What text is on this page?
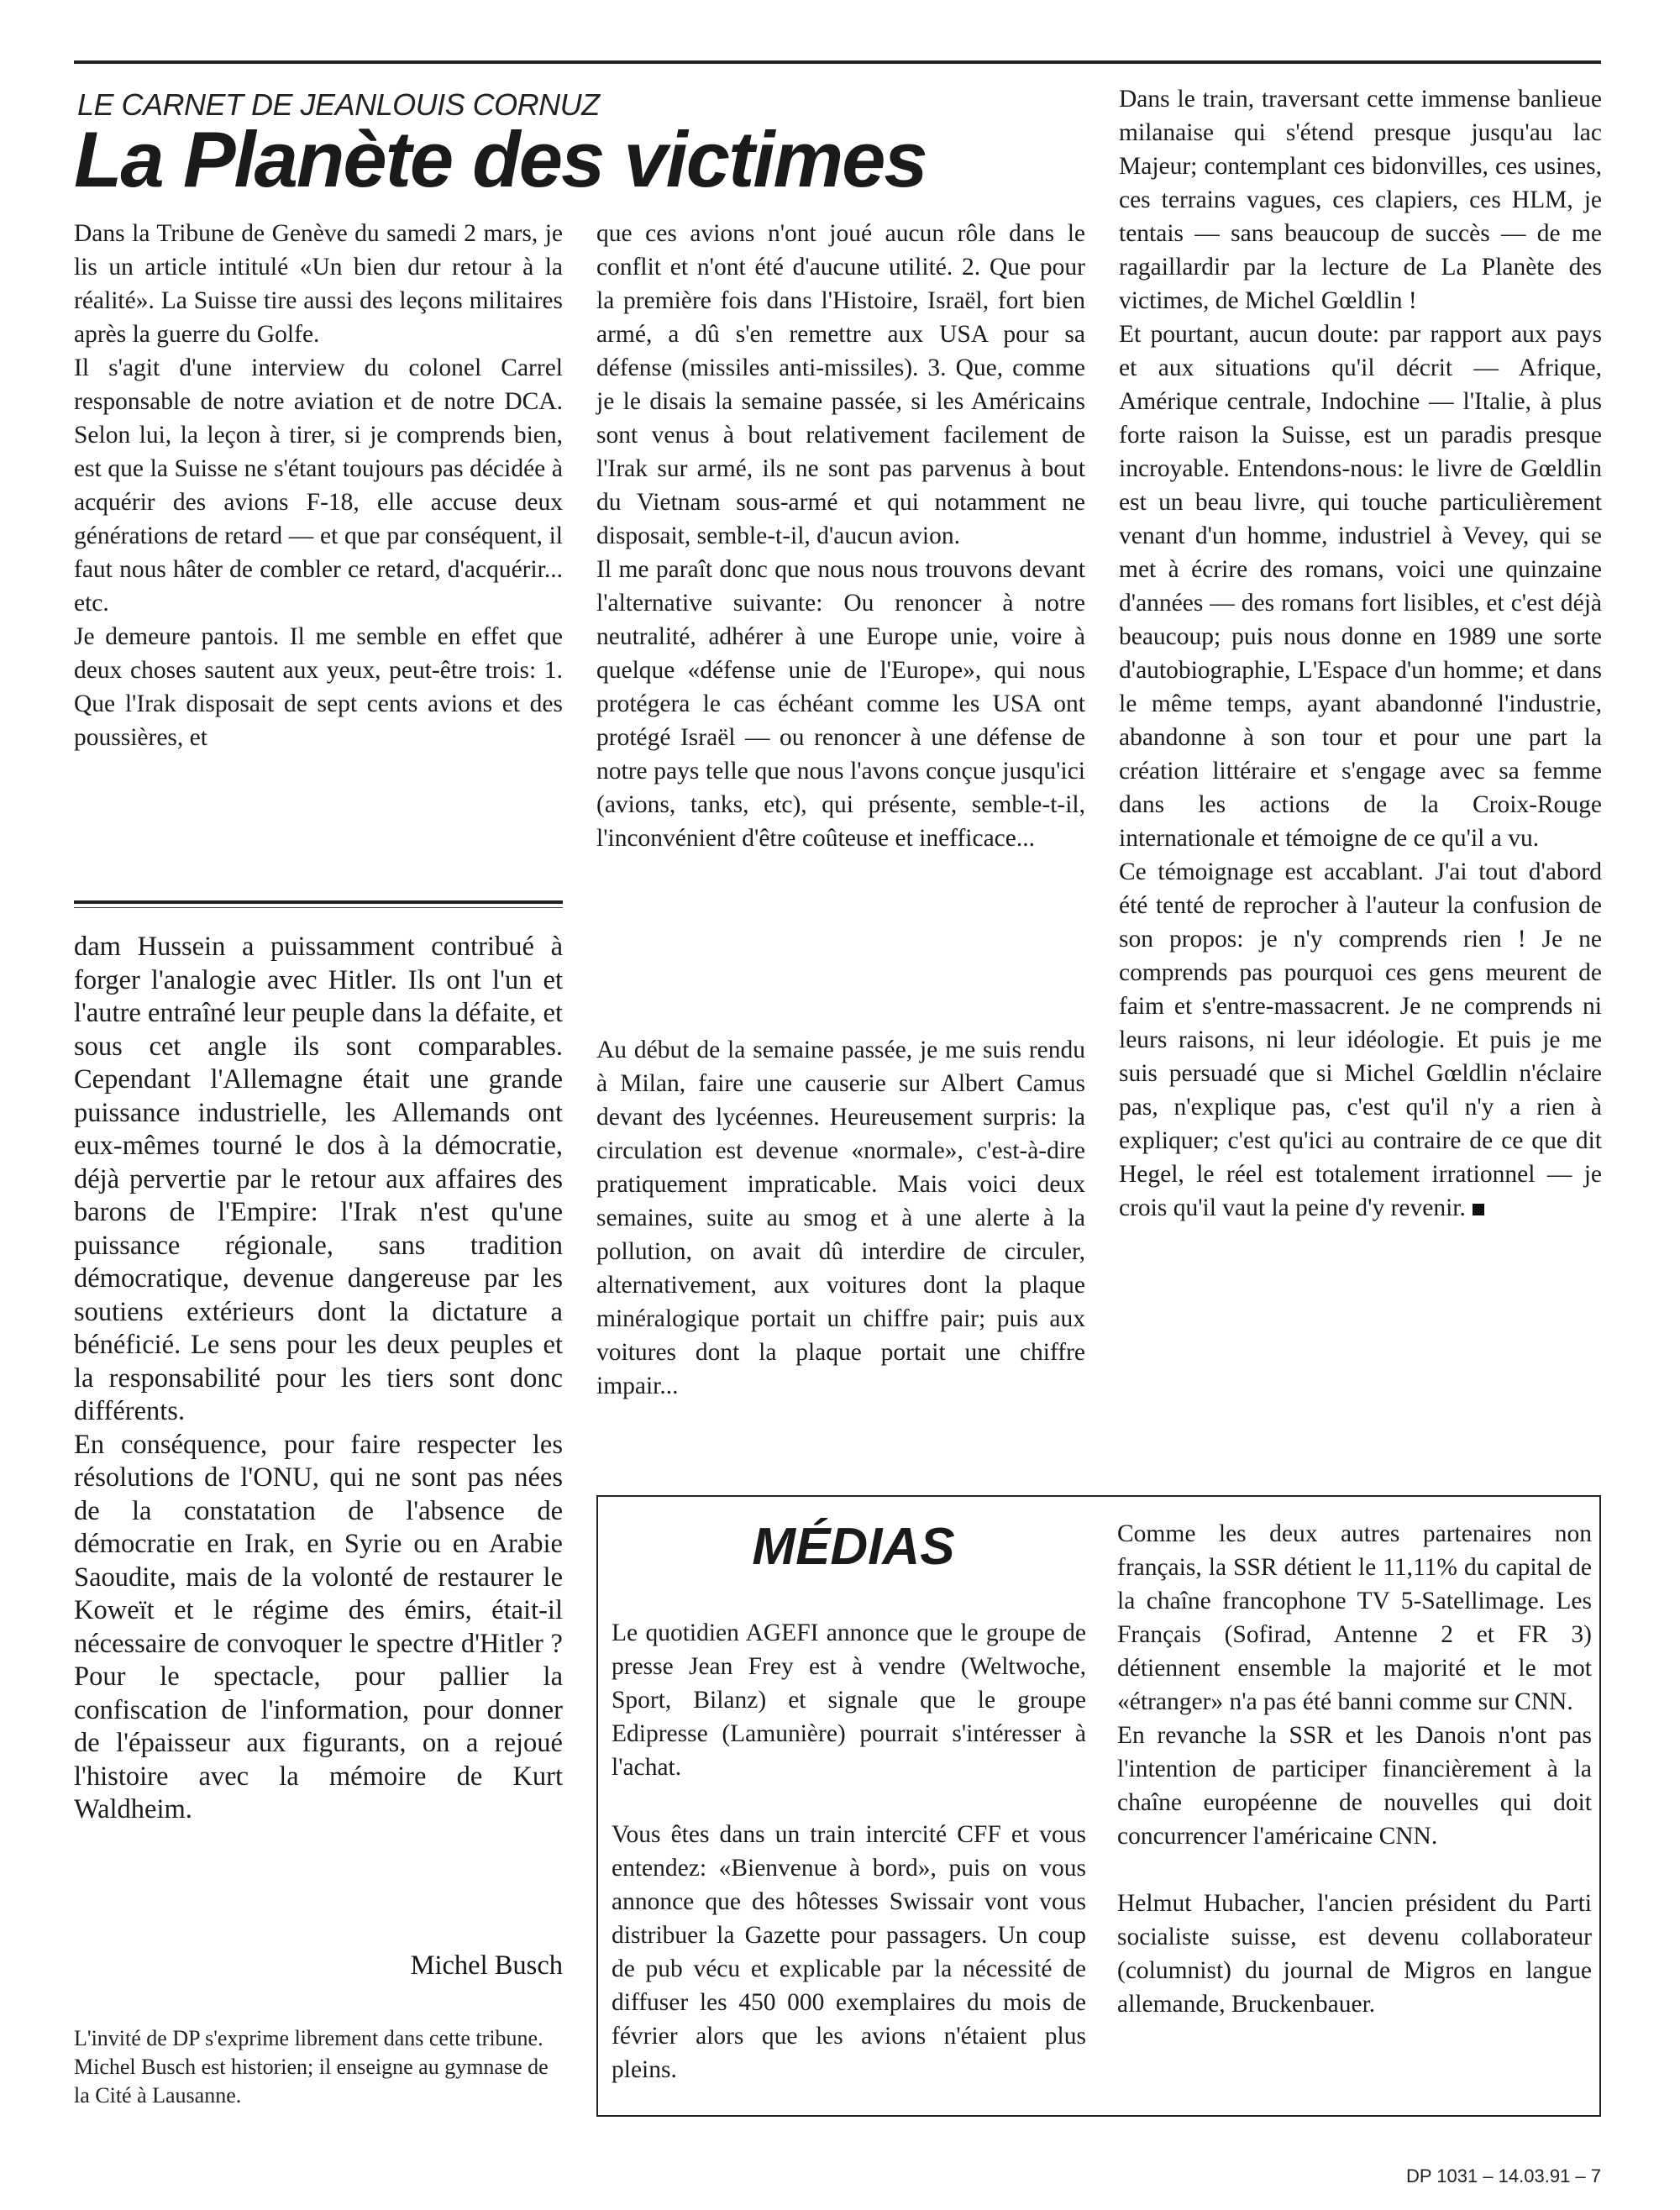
LE CARNET DE JEANLOUIS CORNUZ
La Planète des victimes

Dans la Tribune de Genève du samedi 2 mars, je lis un article intitulé «Un bien dur retour à la réalité». La Suisse tire aussi des leçons militaires après la guerre du Golfe.

Il s'agit d'une interview du colonel Carrel responsable de notre aviation et de notre DCA. Selon lui, la leçon à tirer, si je comprends bien, est que la Suisse ne s'étant toujours pas décidée à acquérir des avions F-18, elle accuse deux générations de retard — et que par conséquent, il faut nous hâter de combler ce retard, d'acquérir... etc.

Je demeure pantois. Il me semble en effet que deux choses sautent aux yeux, peut-être trois: 1. Que l'Irak disposait de sept cents avions et des poussières, et

que ces avions n'ont joué aucun rôle dans le conflit et n'ont été d'aucune utilité. 2. Que pour la première fois dans l'Histoire, Israël, fort bien armé, a dû s'en remettre aux USA pour sa défense (missiles anti-missiles). 3. Que, comme je le disais la semaine passée, si les Américains sont venus à bout relativement facilement de l'Irak sur armé, ils ne sont pas parvenus à bout du Vietnam sous-armé et qui notamment ne disposait, semble-t-il, d'aucun avion.

Il me paraît donc que nous nous trouvons devant l'alternative suivante: Ou renoncer à notre neutralité, adhérer à une Europe unie, voire à quelque «défense unie de l'Europe», qui nous protégera le cas échéant comme les USA ont protégé Israël — ou renoncer à une défense de notre pays telle que nous l'avons conçue jusqu'ici (avions, tanks, etc), qui présente, semble-t-il, l'inconvénient d'être coûteuse et inefficace...

Au début de la semaine passée, je me suis rendu à Milan, faire une causerie sur Albert Camus devant des lycéennes. Heureusement surpris: la circulation est devenue «normale», c'est-à-dire pratiquement impraticable. Mais voici deux semaines, suite au smog et à une alerte à la pollution, on avait dû interdire de circuler, alternativement, aux voitures dont la plaque minéralogique portait un chiffre pair; puis aux voitures dont la plaque portait une chiffre impair...

Dans le train, traversant cette immense banlieue milanaise qui s'étend presque jusqu'au lac Majeur; contemplant ces bidonvilles, ces usines, ces terrains vagues, ces clapiers, ces HLM, je tentais — sans beaucoup de succès — de me ragaillardir par la lecture de La Planète des victimes, de Michel Gœldlin !

Et pourtant, aucun doute: par rapport aux pays et aux situations qu'il décrit — Afrique, Amérique centrale, Indochine — l'Italie, à plus forte raison la Suisse, est un paradis presque incroyable. Entendons-nous: le livre de Gœldlin est un beau livre, qui touche particulièrement venant d'un homme, industriel à Vevey, qui se met à écrire des romans, voici une quinzaine d'années — des romans fort lisibles, et c'est déjà beaucoup; puis nous donne en 1989 une sorte d'autobiographie, L'Espace d'un homme; et dans le même temps, ayant abandonné l'industrie, abandonne à son tour et pour une part la création littéraire et s'engage avec sa femme dans les actions de la Croix-Rouge internationale et témoigne de ce qu'il a vu.

Ce témoignage est accablant. J'ai tout d'abord été tenté de reprocher à l'auteur la confusion de son propos: je n'y comprends rien ! Je ne comprends pas pourquoi ces gens meurent de faim et s'entre-massacrent. Je ne comprends ni leurs raisons, ni leur idéologie. Et puis je me suis persuadé que si Michel Gœldlin n'éclaire pas, n'explique pas, c'est qu'il n'y a rien à expliquer; c'est qu'ici au contraire de ce que dit Hegel, le réel est totalement irrationnel — je crois qu'il vaut la peine d'y revenir.

dam Hussein a puissamment contribué à forger l'analogie avec Hitler. Ils ont l'un et l'autre entraîné leur peuple dans la défaite, et sous cet angle ils sont comparables. Cependant l'Allemagne était une grande puissance industrielle, les Allemands ont eux-mêmes tourné le dos à la démocratie, déjà pervertie par le retour aux affaires des barons de l'Empire: l'Irak n'est qu'une puissance régionale, sans tradition démocratique, devenue dangereuse par les soutiens extérieurs dont la dictature a bénéficié. Le sens pour les deux peuples et la responsabilité pour les tiers sont donc différents.

En conséquence, pour faire respecter les résolutions de l'ONU, qui ne sont pas nées de la constatation de l'absence de démocratie en Irak, en Syrie ou en Arabie Saoudite, mais de la volonté de restaurer le Koweït et le régime des émirs, était-il nécessaire de convoquer le spectre d'Hitler ? Pour le spectacle, pour pallier la confiscation de l'information, pour donner de l'épaisseur aux figurants, on a rejoué l'histoire avec la mémoire de Kurt Waldheim.

Michel Busch
L'invité de DP s'exprime librement dans cette tribune. Michel Busch est historien; il enseigne au gymnase de la Cité à Lausanne.
MÉDIAS

Le quotidien AGEFI annonce que le groupe de presse Jean Frey est à vendre (Weltwoche, Sport, Bilanz) et signale que le groupe Edipresse (Lamunière) pourrait s'intéresser à l'achat.

Vous êtes dans un train intercité CFF et vous entendez: «Bienvenue à bord», puis on vous annonce que des hôtesses Swissair vont vous distribuer la Gazette pour passagers. Un coup de pub vécu et explicable par la nécessité de diffuser les 450 000 exemplaires du mois de février alors que les avions n'étaient plus pleins.

Comme les deux autres partenaires non français, la SSR détient le 11,11% du capital de la chaîne francophone TV 5-Satellimage. Les Français (Sofirad, Antenne 2 et FR 3) détiennent ensemble la majorité et le mot «étranger» n'a pas été banni comme sur CNN.

En revanche la SSR et les Danois n'ont pas l'intention de participer financièrement à la chaîne européenne de nouvelles qui doit concurrencer l'américaine CNN.

Helmut Hubacher, l'ancien président du Parti socialiste suisse, est devenu collaborateur (columnist) du journal de Migros en langue allemande, Bruckenbauer.

DP 1031 – 14.03.91 – 7
